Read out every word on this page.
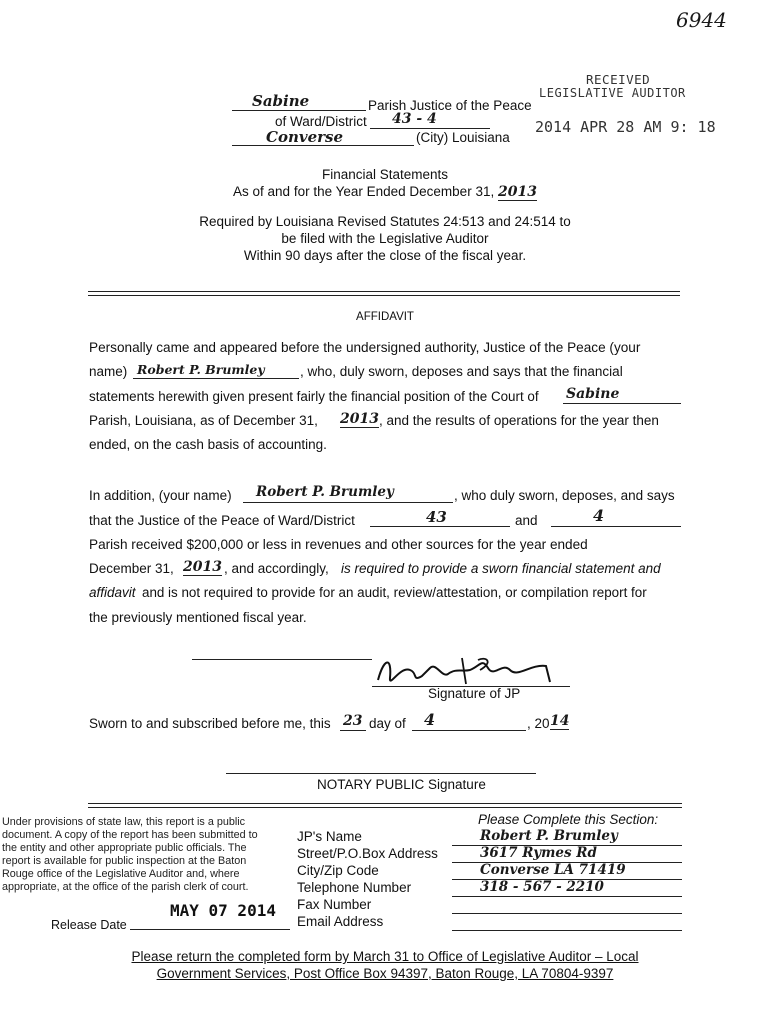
6944
RECEIVED
LEGISLATIVE AUDITOR
2014 APR 28 AM 9: 18
Sabine	Parish Justice of the Peace
of Ward/District 43 - 4
Converse	(City) Louisiana
Financial Statements
As of and for the Year Ended December 31, 2013
Required by Louisiana Revised Statutes 24:513 and 24:514 to
be filed with the Legislative Auditor
Within 90 days after the close of the fiscal year.
AFFIDAVIT
Personally came and appeared before the undersigned authority, Justice of the Peace (your
name) Robert P. Brumley	, who, duly sworn, deposes and says that the financial
statements herewith given present fairly the financial position of the Court of Sabine
Parish, Louisiana, as of December 31, 2013 , and the results of operations for the year then
ended, on the cash basis of accounting.
In addition, (your name) Robert P. Brumley	, who duly sworn, deposes, and says
that the Justice of the Peace of Ward/District	43	and	4
Parish received $200,000 or less in revenues and other sources for the year ended
December 31, 2013 , and accordingly, is required to provide a sworn financial statement and
affidavit and is not required to provide for an audit, review/attestation, or compilation report for
the previously mentioned fiscal year.
Signature of JP
Sworn to and subscribed before me, this 23 day of 4	, 20 14
NOTARY PUBLIC Signature
Under provisions of state law, this report is a public
document. A copy of the report has been submitted to
the entity and other appropriate public officials. The
report is available for public inspection at the Baton
Rouge office of the Legislative Auditor and, where
appropriate, at the office of the parish clerk of court.
Release Date
MAY 07 2014
Please Complete this Section:
JP's Name	Robert P. Brumley
Street/P.O.Box Address	3617 Rymes Rd
City/Zip Code	Converse LA 71419
Telephone Number	318 - 567 - 2210
Fax Number
Email Address
Please return the completed form by March 31 to Office of Legislative Auditor – Local
Government Services, Post Office Box 94397, Baton Rouge, LA 70804-9397
